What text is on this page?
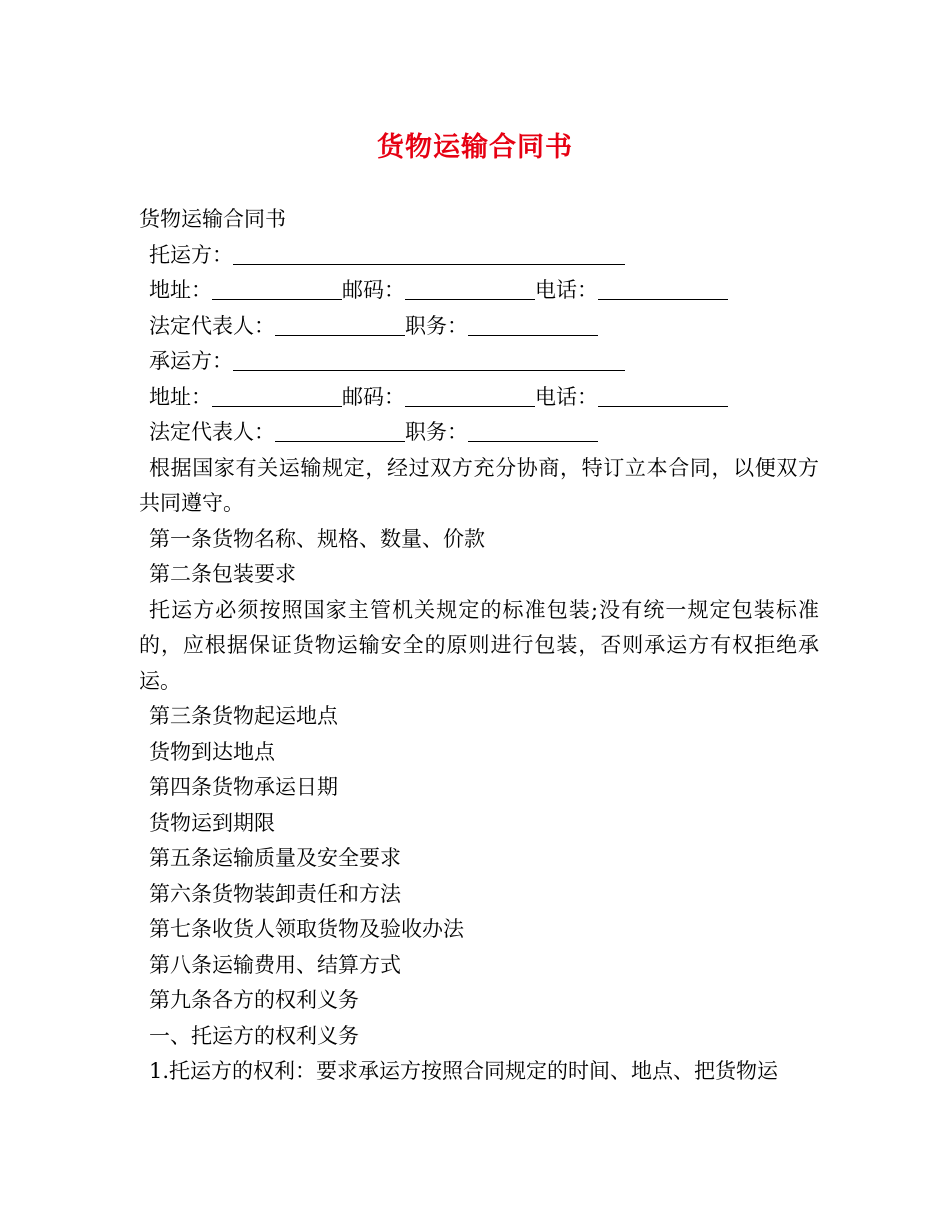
货物运输合同书
货物运输合同书
托运方：
地址：	邮码：	电话：
法定代表人：	职务：
承运方：
地址：	邮码：	电话：
法定代表人：	职务：
根据国家有关运输规定，经过双方充分协商，特订立本合同，以便双方共同遵守。
第一条货物名称、规格、数量、价款
第二条包装要求
托运方必须按照国家主管机关规定的标准包装;没有统一规定包装标准的，应根据保证货物运输安全的原则进行包装，否则承运方有权拒绝承运。
第三条货物起运地点
货物到达地点
第四条货物承运日期
货物运到期限
第五条运输质量及安全要求
第六条货物装卸责任和方法
第七条收货人领取货物及验收办法
第八条运输费用、结算方式
第九条各方的权利义务
一、托运方的权利义务
1.托运方的权利：要求承运方按照合同规定的时间、地点、把货物运
